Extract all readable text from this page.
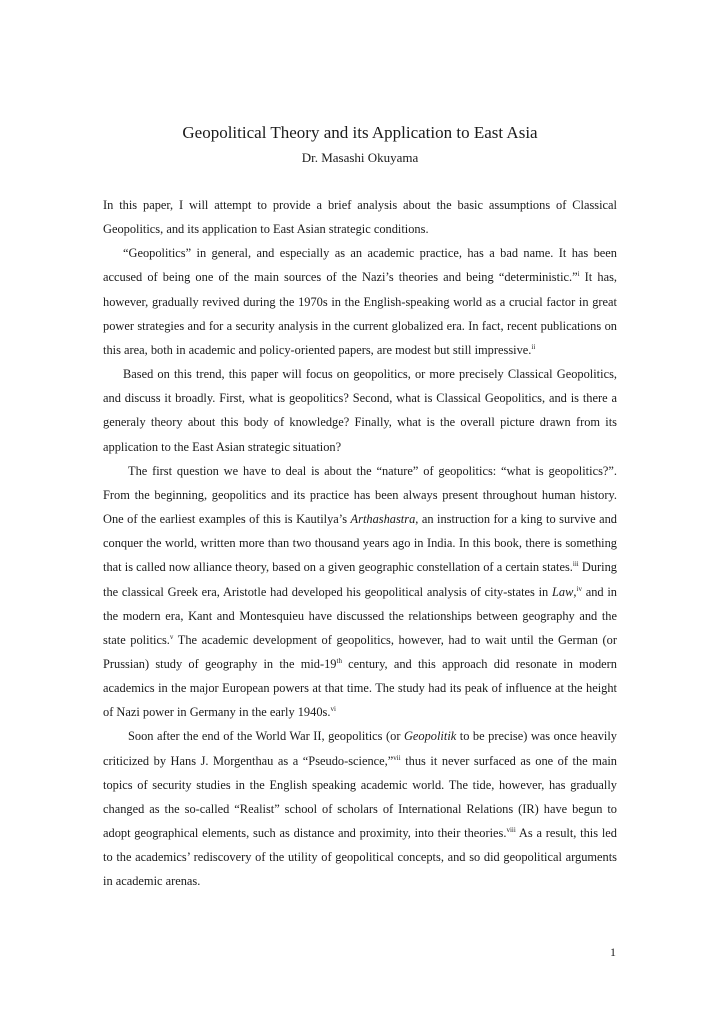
Geopolitical Theory and its Application to East Asia
Dr. Masashi Okuyama

In this paper, I will attempt to provide a brief analysis about the basic assumptions of Classical Geopolitics, and its application to East Asian strategic conditions.

“Geopolitics” in general, and especially as an academic practice, has a bad name. It has been accused of being one of the main sources of the Nazi’s theories and being “deterministic.”$^i$ It has, however, gradually revived during the 1970s in the English-speaking world as a crucial factor in great power strategies and for a security analysis in the current globalized era. In fact, recent publications on this area, both in academic and policy-oriented papers, are modest but still impressive.$^{ii}$

Based on this trend, this paper will focus on geopolitics, or more precisely Classical Geopolitics, and discuss it broadly. First, what is geopolitics? Second, what is Classical Geopolitics, and is there a generaly theory about this body of knowledge? Finally, what is the overall picture drawn from its application to the East Asian strategic situation?

The first question we have to deal is about the “nature” of geopolitics: “what is geopolitics?”. From the beginning, geopolitics and its practice has been always present throughout human history. One of the earliest examples of this is Kautilya’s Arthashastra, an instruction for a king to survive and conquer the world, written more than two thousand years ago in India. In this book, there is something that is called now alliance theory, based on a given geographic constellation of a certain states.$^{iii}$ During the classical Greek era, Aristotle had developed his geopolitical analysis of city-states in Law,$^{iv}$ and in the modern era, Kant and Montesquieu have discussed the relationships between geography and the state politics.$^v$ The academic development of geopolitics, however, had to wait until the German (or Prussian) study of geography in the mid-19th century, and this approach did resonate in modern academics in the major European powers at that time. The study had its peak of influence at the height of Nazi power in Germany in the early 1940s.$^{vi}$

Soon after the end of the World War II, geopolitics (or Geopolitik to be precise) was once heavily criticized by Hans J. Morgenthau as a “Pseudo-science,”$^{vii}$ thus it never surfaced as one of the main topics of security studies in the English speaking academic world. The tide, however, has gradually changed as the so-called “Realist” school of scholars of International Relations (IR) have begun to adopt geographical elements, such as distance and proximity, into their theories.$^{viii}$ As a result, this led to the academics’ rediscovery of the utility of geopolitical concepts, and so did geopolitical arguments in academic arenas.

1
